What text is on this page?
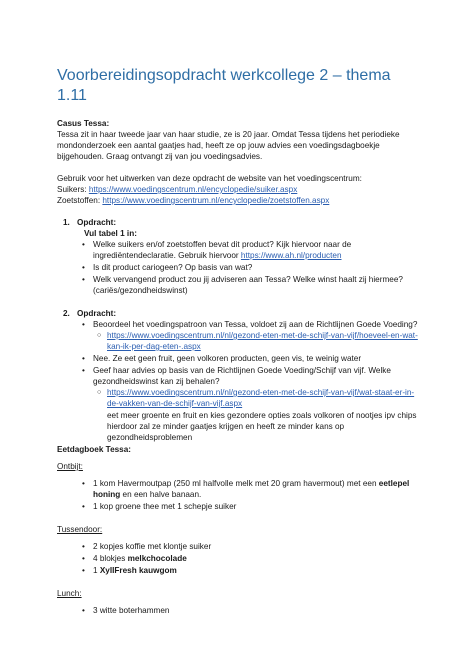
Voorbereidingsopdracht werkcollege 2 – thema 1.11
Casus Tessa:
Tessa zit in haar tweede jaar van haar studie, ze is 20 jaar. Omdat Tessa tijdens het periodieke mondonderzoek een aantal gaatjes had, heeft ze op jouw advies een voedingsdagboekje bijgehouden. Graag ontvangt zij van jou voedingsadvies.
Gebruik voor het uitwerken van deze opdracht de website van het voedingscentrum:
Suikers: https://www.voedingscentrum.nl/encyclopedie/suiker.aspx
Zoetstoffen: https://www.voedingscentrum.nl/encyclopedie/zoetstoffen.aspx
1. Opdracht:
Vul tabel 1 in:
• Welke suikers en/of zoetstoffen bevat dit product? Kijk hiervoor naar de ingrediëntendeclaratie. Gebruik hiervoor https://www.ah.nl/producten
• Is dit product cariogeen? Op basis van wat?
• Welk vervangend product zou jij adviseren aan Tessa? Welke winst haalt zij hiermee? (cariës/gezondheidswinst)
2. Opdracht:
• Beoordeel het voedingspatroon van Tessa, voldoet zij aan de Richtlijnen Goede Voeding?
○ https://www.voedingscentrum.nl/nl/gezond-eten-met-de-schijf-van-vijf/hoeveel-en-wat-kan-ik-per-dag-eten-.aspx
• Nee. Ze eet geen fruit, geen volkoren producten, geen vis, te weinig water
• Geef haar advies op basis van de Richtlijnen Goede Voeding/Schijf van vijf. Welke gezondheidswinst kan zij behalen?
○ https://www.voedingscentrum.nl/nl/gezond-eten-met-de-schijf-van-vijf/wat-staat-er-in-de-vakken-van-de-schijf-van-vijf.aspx
eet meer groente en fruit en kies gezondere opties zoals volkoren of nootjes ipv chips
hierdoor zal ze minder gaatjes krijgen en heeft ze minder kans op gezondheidsproblemen
Eetdagboek Tessa:
Ontbijt:
• 1 kom Havermoutpap (250 ml halfvolle melk met 20 gram havermout) met een eetlepel honing en een halve banaan.
• 1 kop groene thee met 1 schepje suiker
Tussendoor:
• 2 kopjes koffie met klontje suiker
• 4 blokjes melkchocolade
• 1 XylIFresh kauwgom
Lunch:
• 3 witte boterhammen
